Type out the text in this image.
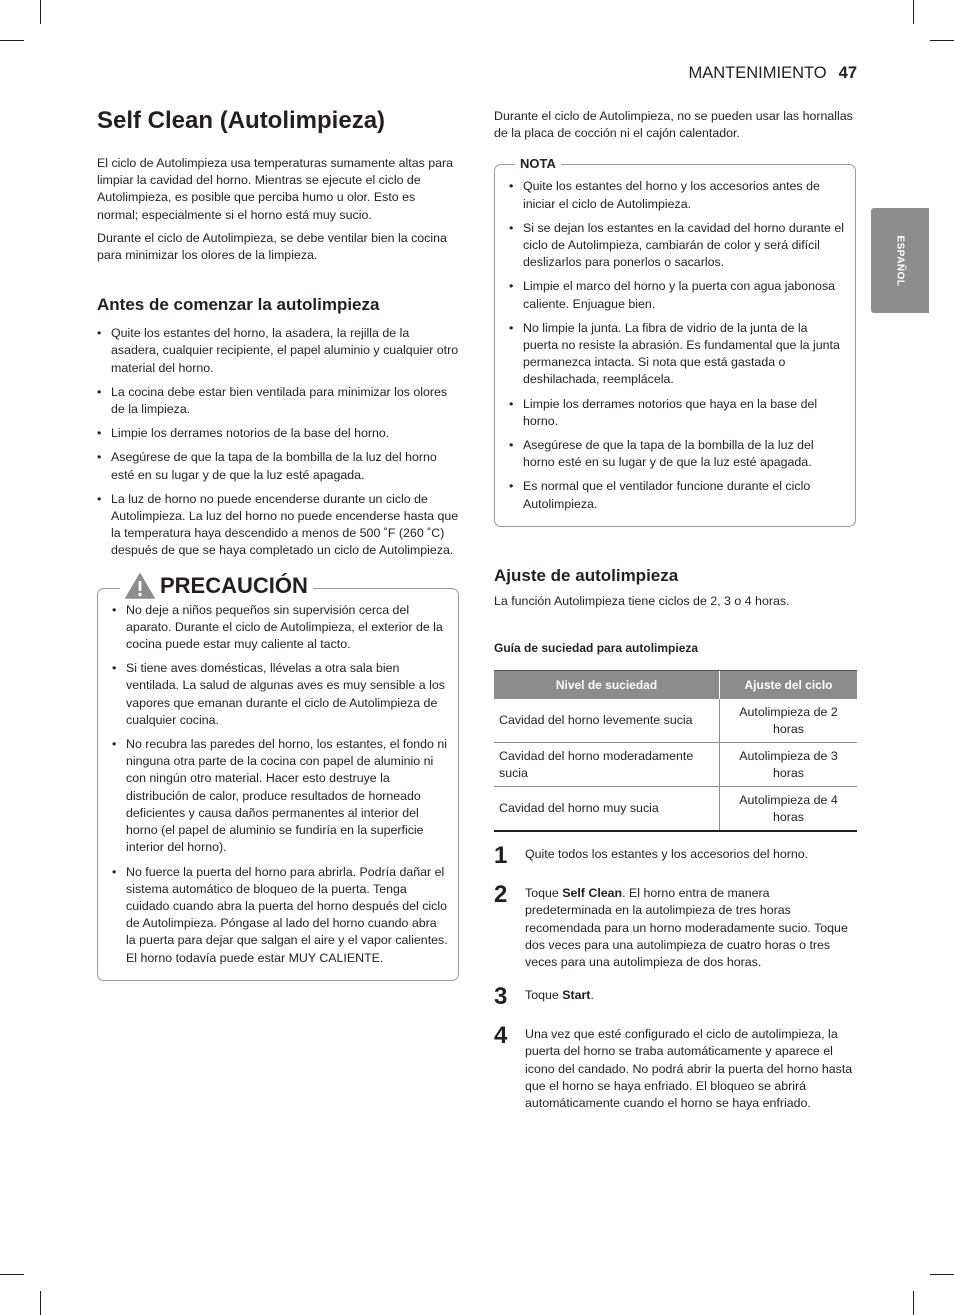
MANTENIMIENTO 47
ESPAÑOL
Self Clean (Autolimpieza)

El ciclo de Autolimpieza usa temperaturas sumamente altas para limpiar la cavidad del horno. Mientras se ejecute el ciclo de Autolimpieza, es posible que perciba humo u olor. Esto es normal; especialmente si el horno está muy sucio.

Durante el ciclo de Autolimpieza, se debe ventilar bien la cocina para minimizar los olores de la limpieza.

Antes de comenzar la autolimpieza
• Quite los estantes del horno, la asadera, la rejilla de la asadera, cualquier recipiente, el papel aluminio y cualquier otro material del horno.
• La cocina debe estar bien ventilada para minimizar los olores de la limpieza.
• Limpie los derrames notorios de la base del horno.
• Asegúrese de que la tapa de la bombilla de la luz del horno esté en su lugar y de que la luz esté apagada.
• La luz de horno no puede encenderse durante un ciclo de Autolimpieza. La luz del horno no puede encenderse hasta que la temperatura haya descendido a menos de 500 ˚F (260 ˚C) después de que se haya completado un ciclo de Autolimpieza.
PRECAUCIÓN
• No deje a niños pequeños sin supervisión cerca del aparato. Durante el ciclo de Autolimpieza, el exterior de la cocina puede estar muy caliente al tacto.
• Si tiene aves domésticas, llévelas a otra sala bien ventilada. La salud de algunas aves es muy sensible a los vapores que emanan durante el ciclo de Autolimpieza de cualquier cocina.
• No recubra las paredes del horno, los estantes, el fondo ni ninguna otra parte de la cocina con papel de aluminio ni con ningún otro material. Hacer esto destruye la distribución de calor, produce resultados de horneado deficientes y causa daños permanentes al interior del horno (el papel de aluminio se fundiría en la superficie interior del horno).
• No fuerce la puerta del horno para abrirla. Podría dañar el sistema automático de bloqueo de la puerta. Tenga cuidado cuando abra la puerta del horno después del ciclo de Autolimpieza. Póngase al lado del horno cuando abra la puerta para dejar que salgan el aire y el vapor calientes. El horno todavía puede estar MUY CALIENTE.

Durante el ciclo de Autolimpieza, no se pueden usar las hornallas de la placa de cocción ni el cajón calentador.

NOTA
• Quite los estantes del horno y los accesorios antes de iniciar el ciclo de Autolimpieza.
• Si se dejan los estantes en la cavidad del horno durante el ciclo de Autolimpieza, cambiarán de color y será difícil deslizarlos para ponerlos o sacarlos.
• Limpie el marco del horno y la puerta con agua jabonosa caliente. Enjuague bien.
• No limpie la junta. La fibra de vidrio de la junta de la puerta no resiste la abrasión. Es fundamental que la junta permanezca intacta. Si nota que está gastada o deshilachada, reemplácela.
• Limpie los derrames notorios que haya en la base del horno.
• Asegúrese de que la tapa de la bombilla de la luz del horno esté en su lugar y de que la luz esté apagada.
• Es normal que el ventilador funcione durante el ciclo Autolimpieza.
Ajuste de autolimpieza

La función Autolimpieza tiene ciclos de 2, 3 o 4 horas.

Guía de suciedad para autolimpieza

Nivel de suciedad	Ajuste del ciclo
Cavidad del horno levemente sucia	Autolimpieza de 2 horas
Cavidad del horno moderadamente sucia	Autolimpieza de 3 horas
Cavidad del horno muy sucia	Autolimpieza de 4 horas
1	Quite todos los estantes y los accesorios del horno.
2	Toque Self Clean. El horno entra de manera predeterminada en la autolimpieza de tres horas recomendada para un horno moderadamente sucio. Toque dos veces para una autolimpieza de cuatro horas o tres veces para una autolimpieza de dos horas.
3	Toque Start.
4	Una vez que esté configurado el ciclo de autolimpieza, la puerta del horno se traba automáticamente y aparece el icono del candado. No podrá abrir la puerta del horno hasta que el horno se haya enfriado. El bloqueo se abrirá automáticamente cuando el horno se haya enfriado.
